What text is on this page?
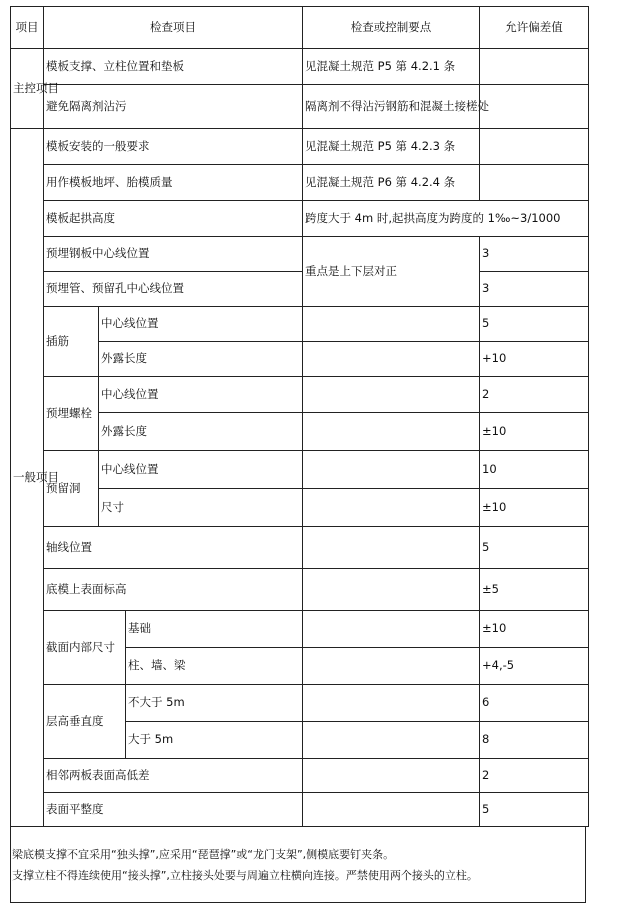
项目	检查项目			检查或控制要点	允许偏差值
主控项目	模板支撑、立柱位置和垫板			见混凝土规范 P5 第 4.2.1 条	
	避免隔离剂沾污			隔离剂不得沾污钢筋和混凝土接槎处	
一般项目	模板安装的一般要求			见混凝土规范 P5 第 4.2.3 条	
	用作模板地坪、胎模质量			见混凝土规范 P6 第 4.2.4 条	
	模板起拱高度			跨度大于 4m 时,起拱高度为跨度的 1‰~3/1000	
	预埋钢板中心线位置			重点是上下层对正	3
	预埋管、预留孔中心线位置				3
	插筋	中心线位置			5
		外露长度			+10
	预埋螺栓	中心线位置			2
		外露长度			±10
	预留洞	中心线位置			10
		尺寸			±10
	轴线位置				5
	底模上表面标高				±5
	截面内部尺寸		基础		±10
			柱、墙、梁		+4,-5
	层高垂直度		不大于 5m		6
			大于 5m		8
	相邻两板表面高低差				2
	表面平整度				5
梁底模支撑不宜采用“独头撑”,应采用“琵琶撑”或“龙门支架”,侧模底要钉夹条。
支撑立柱不得连续使用“接头撑”,立柱接头处要与周遍立柱横向连接。严禁使用两个接头的立柱。
